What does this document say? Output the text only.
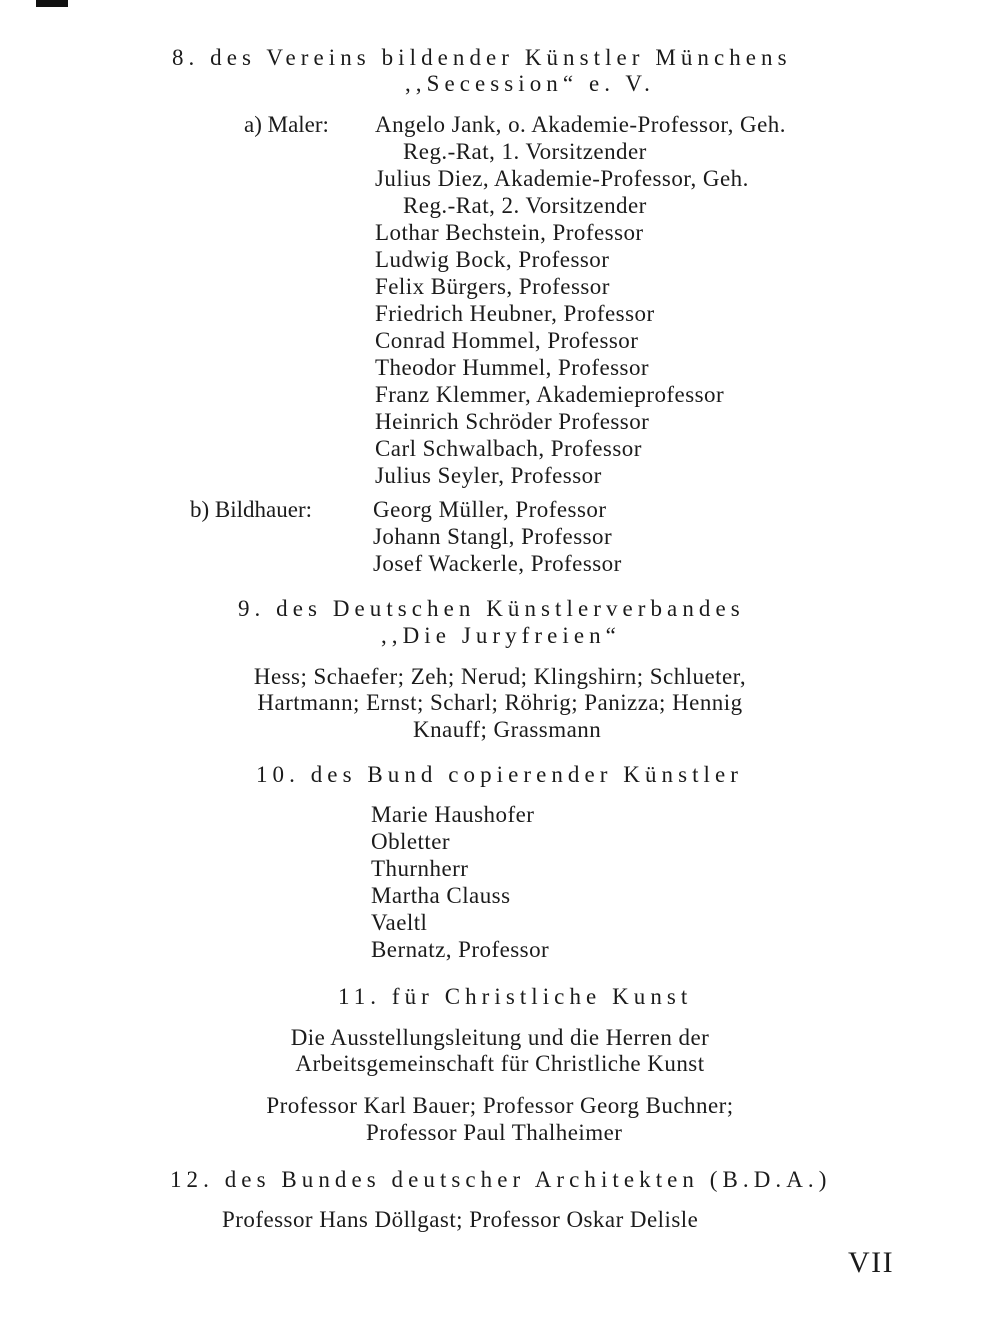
8. des Vereins bildender Künstler Münchens
,,Secession“ e. V.
a) Maler: Angelo Jank, o. Akademie-Professor, Geh.
Reg.-Rat, 1. Vorsitzender
Julius Diez, Akademie-Professor, Geh.
Reg.-Rat, 2. Vorsitzender
Lothar Bechstein, Professor
Ludwig Bock, Professor
Felix Bürgers, Professor
Friedrich Heubner, Professor
Conrad Hommel, Professor
Theodor Hummel, Professor
Franz Klemmer, Akademieprofessor
Heinrich Schröder Professor
Carl Schwalbach, Professor
Julius Seyler, Professor
b) Bildhauer:	Georg Müller, Professor
Johann Stangl, Professor
Josef Wackerle, Professor
9. des Deutschen Künstlerverbandes
,,Die Juryfreien“
Hess; Schaefer; Zeh; Nerud; Klingshirn; Schlueter,
Hartmann; Ernst; Scharl; Röhrig; Panizza; Hennig
Knauff; Grassmann
10. des Bund copierender Künstler
Marie Haushofer
Obletter
Thurnherr
Martha Clauss
Vaeltl
Bernatz, Professor
11. für Christliche Kunst
Die Ausstellungsleitung und die Herren der
Arbeitsgemeinschaft für Christliche Kunst
Professor Karl Bauer; Professor Georg Buchner;
Professor Paul Thalheimer
12. des Bundes deutscher Architekten (B.D.A.)
Professor Hans Döllgast; Professor Oskar Delisle
VII
